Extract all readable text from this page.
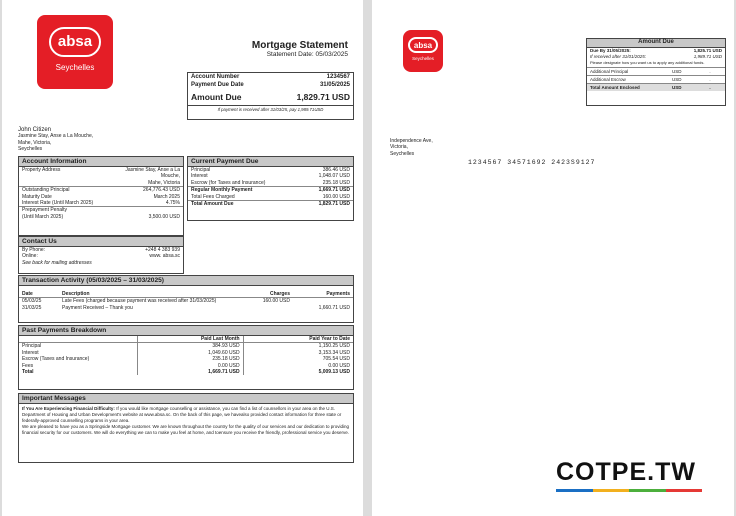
absa
Seychelles
Mortgage Statement
Statement Date: 05/03/2025
Account Number	1234567
Payment Due Date	31/05/2025
Amount Due	1,829.71 USD
If payment is received after 31/03/25, pay 1,989.71USD
John Citizen
Jasmine Stay, Anse a La Mouche,
Mahe, Victoria,
Seychelles
Account Information
Property Address	Jasmine Stay, Anse a La
Mouche,
Mahe, Victoria
Outstanding Principal	264,776.43 USD
Maturity Date	March 2025
Interest Rate (Until March 2025)	4.75%
Prepayment Penalty
(Until March 2025)	3,500.00 USD
Current Payment Due
Principal	386.46 USD
Interest	1,048.07 USD
Escrow (for Taxes and Insurance)	235.18 USD
Regular Monthly Payment	1,669.71 USD
Total Fees Charged	160.00 USD
Total Amount Due	1,829.71 USD
Contact Us
By Phone:	+248 4 383 939
Online:	www. absa.sc
See back for mailing addresses
Transaction Activity (05/03/2025 – 31/03/2025)
Date	Description	Charges	Payments
05/03/25	Late Fees (charged because payment was received after 31/03/2025)	160.00 USD	
31/03/25	Payment Received – Thank you		1,660.71 USD
Past Payments Breakdown
	Paid Last Month	Paid Year to Date
Principal	384.93 USD	1,150.25 USD
Interest	1,049.60 USD	3,153.34 USD
Escrow (Taxes and Insurance)	235.18 USD	705.54 USD
Fees	0.00 USD	0.00 USD
Total	1,669.71 USD	5,009.13 USD
Important Messages

If You Are Experiencing Financial Difficulty: If you would like mortgage counselling or assistance, you can find a list of counsellors in your area on the U.S. Department of Housing and Urban Development's website at www.absa.sc. On the back of this page, we havealso provided contact information for three state or federally-approved counselling programs in your area.

We are pleased to have you as a Springside Mortgage customer. We are known throughout the country for the quality of our services and our dedication to providing financial security for our customers. We will do everything we can to make you feel at home, and toensure you receive the friendly, professional service you deserve.

absa
Seychelles
Amount Due
Due By 31/05/2025:	1,825.71 USD
If received after 31/01/2025:	1,989.71 USD
Please designate how you want us to apply any additional funds.
Additional Principal	USD	.
Additional Escrow	USD	.
Total Amount Enclosed	USD	.
Independence Ave,
Victoria,
Seychelles
1234567 34571692 2423S9127
COTPE.TW
